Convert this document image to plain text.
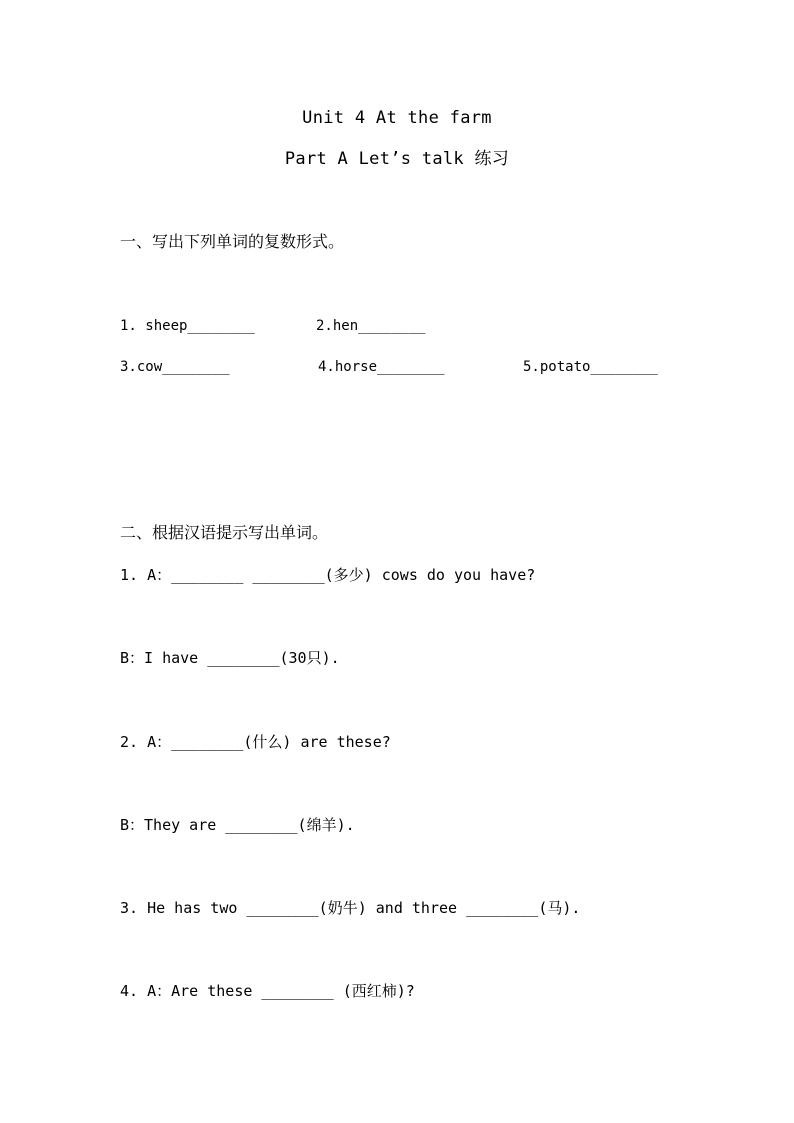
Unit 4 At the farm
Part A Let’s talk 练习
一、写出下列单词的复数形式。
1. sheep________	2.hen________
3.cow________	4.horse________	5.potato________
二、根据汉语提示写出单词。
1. A：________ ________(多少) cows do you have?
B：I have ________(30只).
2. A：________(什么) are these?
B：They are ________(绵羊).
3. He has two ________(奶牛) and three ________(马).
4. A：Are these ________ (西红柿)?
